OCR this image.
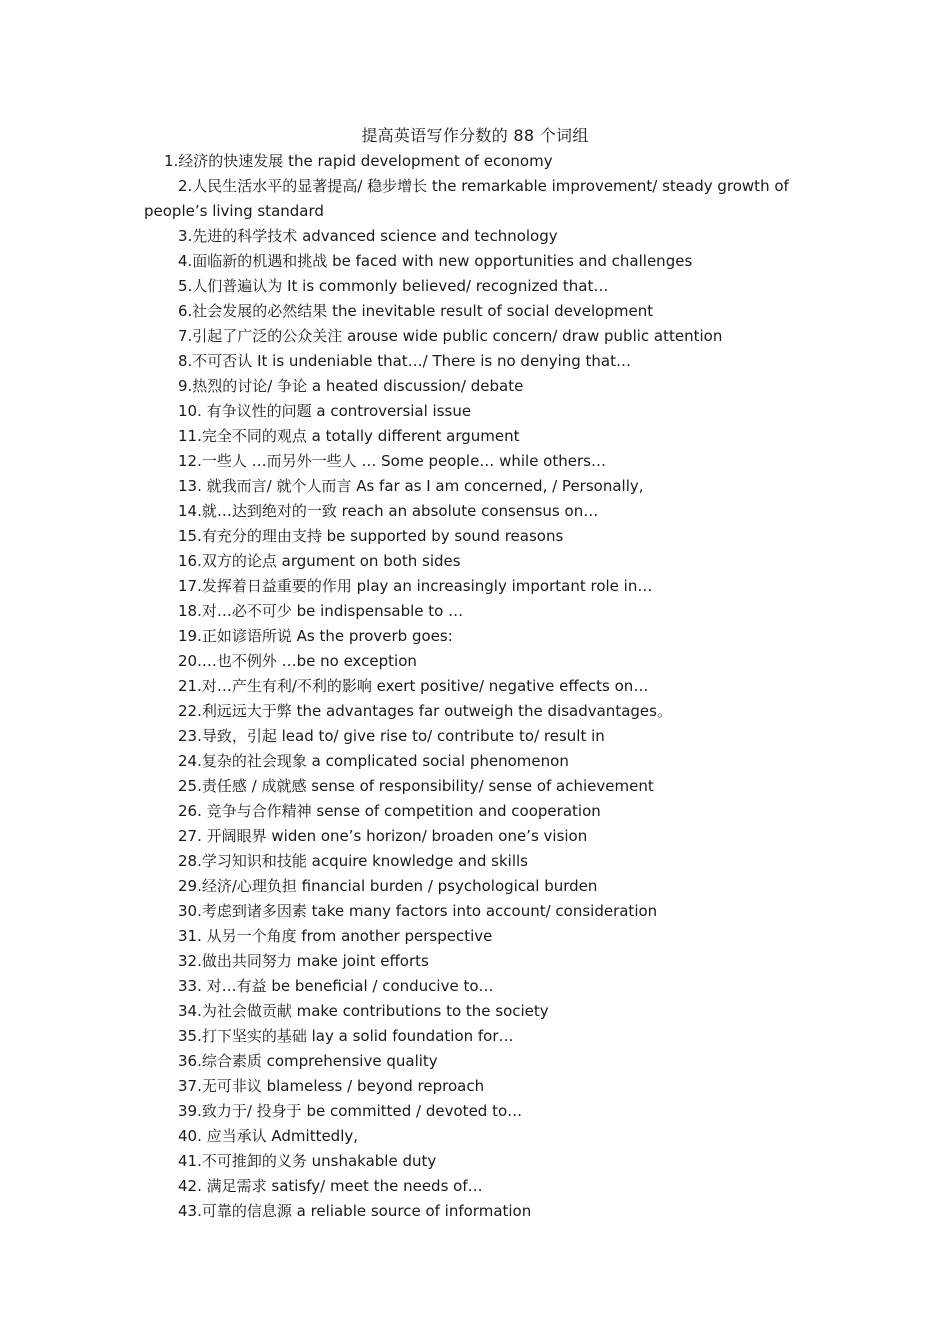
提高英语写作分数的 88 个词组
1.经济的快速发展 the rapid development of economy
2.人民生活水平的显著提高/ 稳步增长 the remarkable improvement/ steady growth of
people’s living standard
3.先进的科学技术 advanced science and technology
4.面临新的机遇和挑战 be faced with new opportunities and challenges
5.人们普遍认为 It is commonly believed/ recognized that…
6.社会发展的必然结果 the inevitable result of social development
7.引起了广泛的公众关注 arouse wide public concern/ draw public attention
8.不可否认 It is undeniable that…/ There is no denying that…
9.热烈的讨论/ 争论 a heated discussion/ debate
10. 有争议性的问题 a controversial issue
11.完全不同的观点 a totally different argument
12.一些人 …而另外一些人 … Some people… while others…
13. 就我而言/ 就个人而言 As far as I am concerned, / Personally,
14.就…达到绝对的一致 reach an absolute consensus on…
15.有充分的理由支持 be supported by sound reasons
16.双方的论点 argument on both sides
17.发挥着日益重要的作用 play an increasingly important role in…
18.对…必不可少 be indispensable to …
19.正如谚语所说 As the proverb goes:
20.…也不例外 …be no exception
21.对…产生有利/不利的影响 exert positive/ negative effects on…
22.利远远大于弊 the advantages far outweigh the disadvantages。
23.导致，引起 lead to/ give rise to/ contribute to/ result in
24.复杂的社会现象 a complicated social phenomenon
25.责任感 / 成就感 sense of responsibility/ sense of achievement
26. 竞争与合作精神 sense of competition and cooperation
27. 开阔眼界 widen one’s horizon/ broaden one’s vision
28.学习知识和技能 acquire knowledge and skills
29.经济/心理负担 financial burden / psychological burden
30.考虑到诸多因素 take many factors into account/ consideration
31. 从另一个角度 from another perspective
32.做出共同努力 make joint efforts
33. 对…有益 be beneficial / conducive to…
34.为社会做贡献 make contributions to the society
35.打下坚实的基础 lay a solid foundation for…
36.综合素质 comprehensive quality
37.无可非议 blameless / beyond reproach
39.致力于/ 投身于 be committed / devoted to…
40. 应当承认 Admittedly,
41.不可推卸的义务 unshakable duty
42. 满足需求 satisfy/ meet the needs of…
43.可靠的信息源 a reliable source of information
